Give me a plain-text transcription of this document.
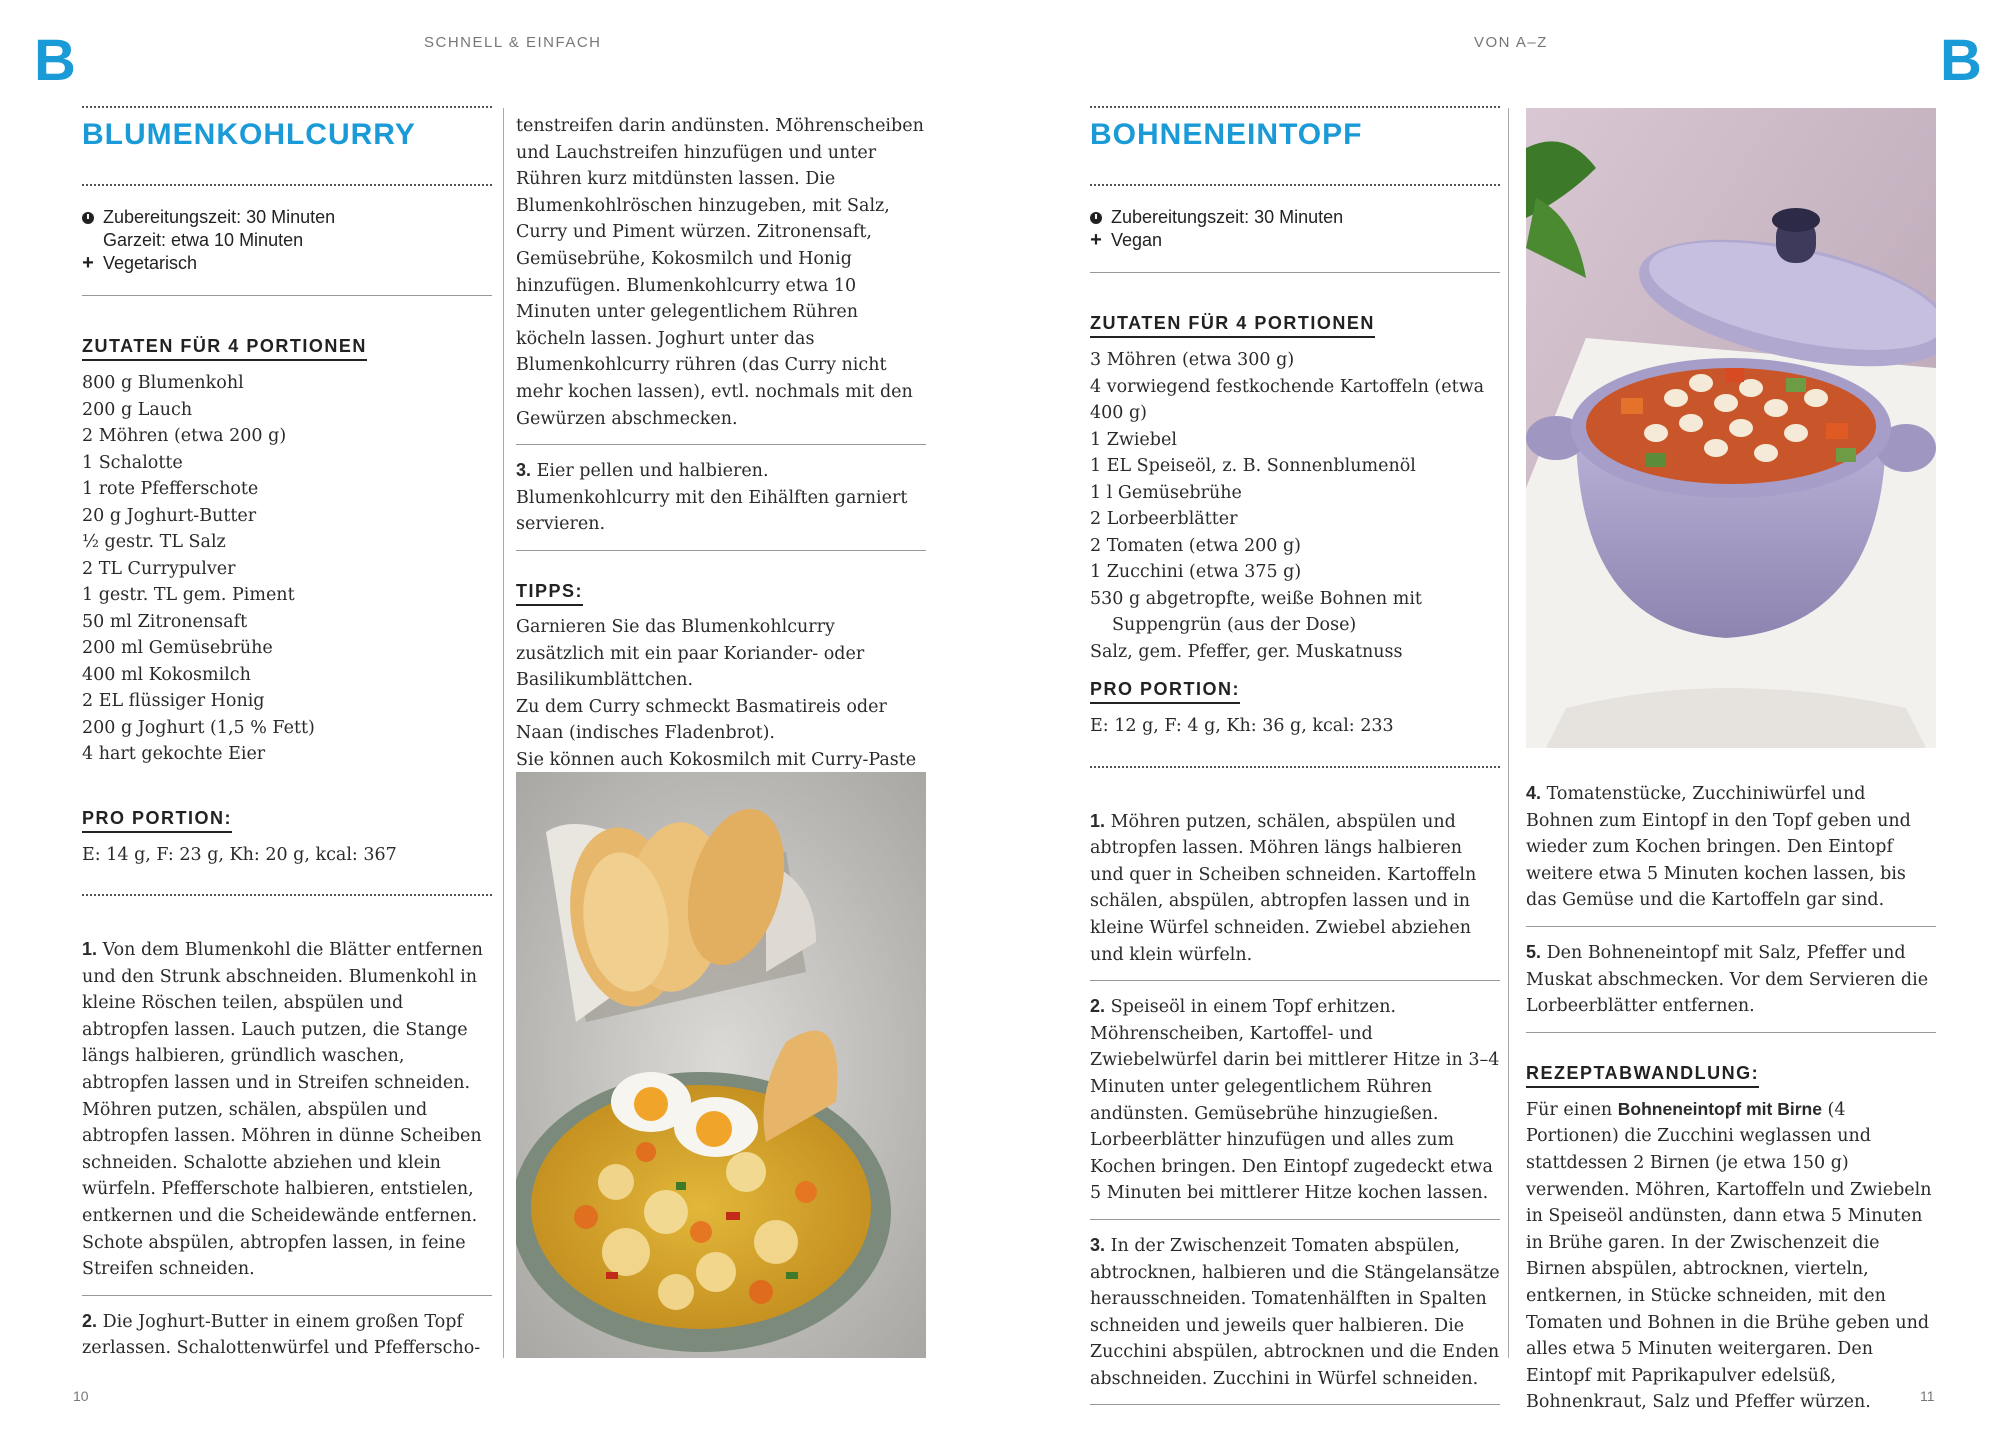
B	B
SCHNELL & EINFACH	VON A–Z
10	11
BLUMENKOHLCURRY
Zubereitungszeit: 30 Minuten
Garzeit: etwa 10 Minuten
+ Vegetarisch
ZUTATEN FÜR 4 PORTIONEN
800 g Blumenkohl
200 g Lauch
2 Möhren (etwa 200 g)
1 Schalotte
1 rote Pfefferschote
20 g Joghurt-Butter
½ gestr. TL Salz
2 TL Currypulver
1 gestr. TL gem. Piment
50 ml Zitronensaft
200 ml Gemüsebrühe
400 ml Kokosmilch
2 EL flüssiger Honig
200 g Joghurt (1,5 % Fett)
4 hart gekochte Eier
PRO PORTION:
E: 14 g, F: 23 g, Kh: 20 g, kcal: 367
1. Von dem Blumenkohl die Blätter entfernen und den Strunk abschneiden. Blumenkohl in kleine Röschen teilen, abspülen und abtropfen lassen. Lauch putzen, die Stange längs halbieren, gründlich waschen, abtropfen lassen und in Streifen schneiden. Möhren putzen, schälen, abspülen und abtropfen lassen. Möhren in dünne Scheiben schneiden. Schalotte abziehen und klein würfeln. Pfefferschote halbieren, entstielen, entkernen und die Scheidewände entfernen. Schote abspülen, abtropfen lassen, in feine Streifen schneiden.
2. Die Joghurt-Butter in einem großen Topf zerlassen. Schalottenwürfel und Pfefferscho-
tenstreifen darin andünsten. Möhrenscheiben und Lauchstreifen hinzufügen und unter Rühren kurz mitdünsten lassen. Die Blumenkohlröschen hinzugeben, mit Salz, Curry und Piment würzen. Zitronensaft, Gemüsebrühe, Kokosmilch und Honig hinzufügen. Blumenkohlcurry etwa 10 Minuten unter gelegentlichem Rühren köcheln lassen. Joghurt unter das Blumenkohlcurry rühren (das Curry nicht mehr kochen lassen), evtl. nochmals mit den Gewürzen abschmecken.
3. Eier pellen und halbieren. Blumenkohlcurry mit den Eihälften garniert servieren.
TIPPS:
Garnieren Sie das Blumenkohlcurry zusätzlich mit ein paar Koriander- oder Basilikumblättchen.
Zu dem Curry schmeckt Basmatireis oder Naan (indisches Fladenbrot).
Sie können auch Kokosmilch mit Curry-Paste
BOHNENEINTOPF
Zubereitungszeit: 30 Minuten
+ Vegan
ZUTATEN FÜR 4 PORTIONEN
3 Möhren (etwa 300 g)
4 vorwiegend festkochende Kartoffeln (etwa 400 g)
1 Zwiebel
1 EL Speiseöl, z. B. Sonnenblumenöl
1 l Gemüsebrühe
2 Lorbeerblätter
2 Tomaten (etwa 200 g)
1 Zucchini (etwa 375 g)
530 g abgetropfte, weiße Bohnen mit Suppengrün (aus der Dose)
Salz, gem. Pfeffer, ger. Muskatnuss
PRO PORTION:
E: 12 g, F: 4 g, Kh: 36 g, kcal: 233
1. Möhren putzen, schälen, abspülen und abtropfen lassen. Möhren längs halbieren und quer in Scheiben schneiden. Kartoffeln schälen, abspülen, abtropfen lassen und in kleine Würfel schneiden. Zwiebel abziehen und klein würfeln.
2. Speiseöl in einem Topf erhitzen. Möhrenscheiben, Kartoffel- und Zwiebelwürfel darin bei mittlerer Hitze in 3–4 Minuten unter gelegentlichem Rühren andünsten. Gemüsebrühe hinzugießen. Lorbeerblätter hinzufügen und alles zum Kochen bringen. Den Eintopf zugedeckt etwa 5 Minuten bei mittlerer Hitze kochen lassen.
3. In der Zwischenzeit Tomaten abspülen, abtrocknen, halbieren und die Stängelansätze herausschneiden. Tomatenhälften in Spalten schneiden und jeweils quer halbieren. Die Zucchini abspülen, abtrocknen und die Enden abschneiden. Zucchini in Würfel schneiden.
4. Tomatenstücke, Zucchiniwürfel und Bohnen zum Eintopf in den Topf geben und wieder zum Kochen bringen. Den Eintopf weitere etwa 5 Minuten kochen lassen, bis das Gemüse und die Kartoffeln gar sind.
5. Den Bohneneintopf mit Salz, Pfeffer und Muskat abschmecken. Vor dem Servieren die Lorbeerblätter entfernen.
REZEPTABWANDLUNG:
Für einen Bohneneintopf mit Birne (4 Portionen) die Zucchini weglassen und stattdessen 2 Birnen (je etwa 150 g) verwenden. Möhren, Kartoffeln und Zwiebeln in Speiseöl andünsten, dann etwa 5 Minuten in Brühe garen. In der Zwischenzeit die Birnen abspülen, abtrocknen, vierteln, entkernen, in Stücke schneiden, mit den Tomaten und Bohnen in die Brühe geben und alles etwa 5 Minuten weitergaren. Den Eintopf mit Paprikapulver edelsüß, Bohnenkraut, Salz und Pfeffer würzen.
